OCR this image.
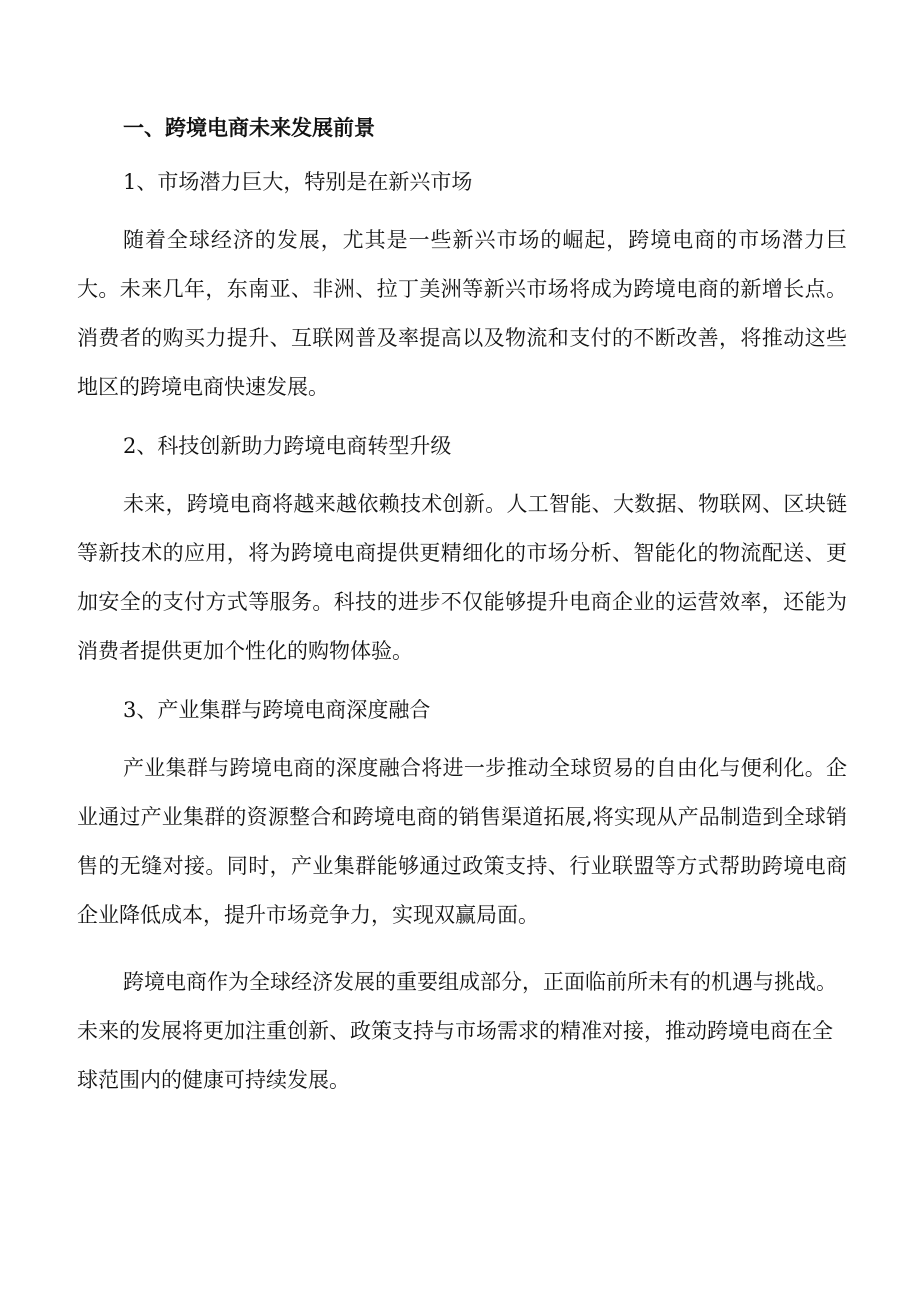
一、跨境电商未来发展前景
1、市场潜力巨大，特别是在新兴市场

随着全球经济的发展，尤其是一些新兴市场的崛起，跨境电商的市场潜力巨大。未来几年，东南亚、非洲、拉丁美洲等新兴市场将成为跨境电商的新增长点。消费者的购买力提升、互联网普及率提高以及物流和支付的不断改善，将推动这些地区的跨境电商快速发展。

2、科技创新助力跨境电商转型升级

未来，跨境电商将越来越依赖技术创新。人工智能、大数据、物联网、区块链等新技术的应用，将为跨境电商提供更精细化的市场分析、智能化的物流配送、更加安全的支付方式等服务。科技的进步不仅能够提升电商企业的运营效率，还能为消费者提供更加个性化的购物体验。

3、产业集群与跨境电商深度融合

产业集群与跨境电商的深度融合将进一步推动全球贸易的自由化与便利化。企业通过产业集群的资源整合和跨境电商的销售渠道拓展,将实现从产品制造到全球销售的无缝对接。同时，产业集群能够通过政策支持、行业联盟等方式帮助跨境电商企业降低成本，提升市场竞争力，实现双赢局面。

跨境电商作为全球经济发展的重要组成部分，正面临前所未有的机遇与挑战。未来的发展将更加注重创新、政策支持与市场需求的精准对接，推动跨境电商在全球范围内的健康可持续发展。
